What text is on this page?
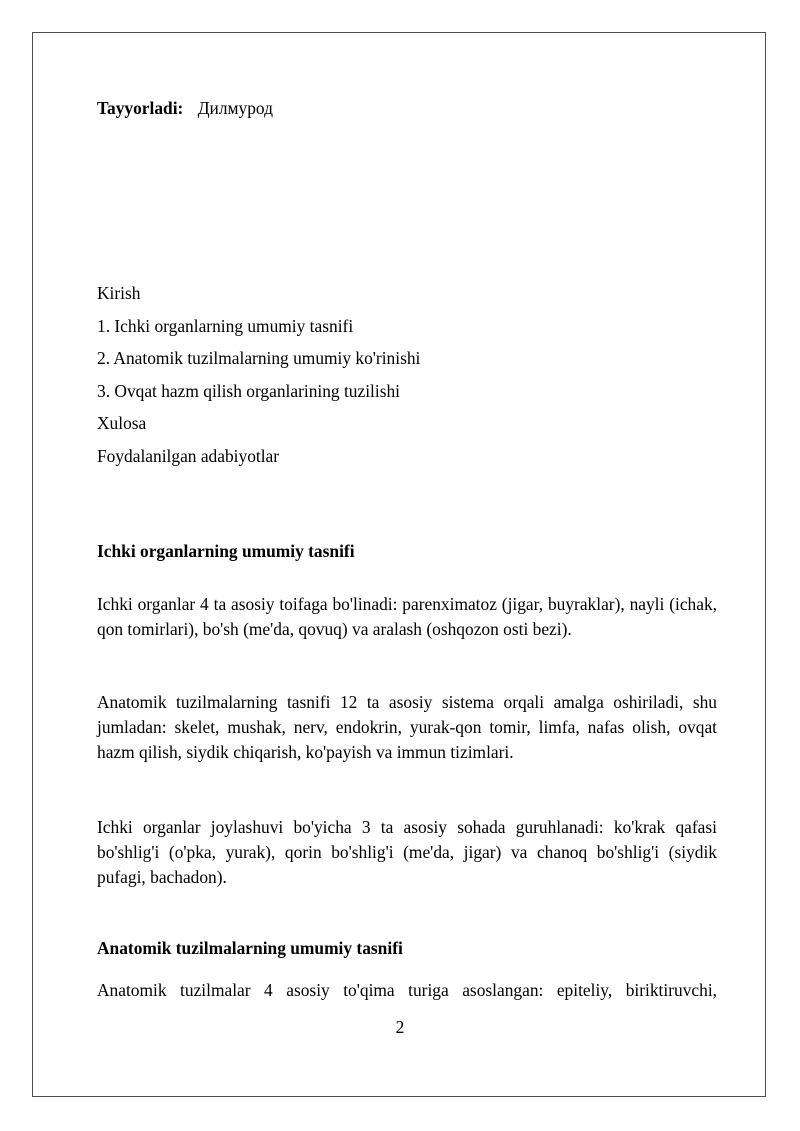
Tayyorladi: Дилмурод
Kirish
1. Ichki organlarning umumiy tasnifi
2. Anatomik tuzilmalarning umumiy ko'rinishi
3. Ovqat hazm qilish organlarining tuzilishi
Xulosa
Foydalanilgan adabiyotlar
Ichki organlarning umumiy tasnifi

Ichki organlar 4 ta asosiy toifaga bo'linadi: parenximatoz (jigar, buyraklar), nayli (ichak, qon tomirlari), bo'sh (me'da, qovuq) va aralash (oshqozon osti bezi).

Anatomik tuzilmalarning tasnifi 12 ta asosiy sistema orqali amalga oshiriladi, shu jumladan: skelet, mushak, nerv, endokrin, yurak-qon tomir, limfa, nafas olish, ovqat hazm qilish, siydik chiqarish, ko'payish va immun tizimlari.

Ichki organlar joylashuvi bo'yicha 3 ta asosiy sohada guruhlanadi: ko'krak qafasi bo'shlig'i (o'pka, yurak), qorin bo'shlig'i (me'da, jigar) va chanoq bo'shlig'i (siydik pufagi, bachadon).

Anatomik tuzilmalarning umumiy tasnifi

Anatomik tuzilmalar 4 asosiy to'qima turiga asoslangan: epiteliy, biriktiruvchi,

2
